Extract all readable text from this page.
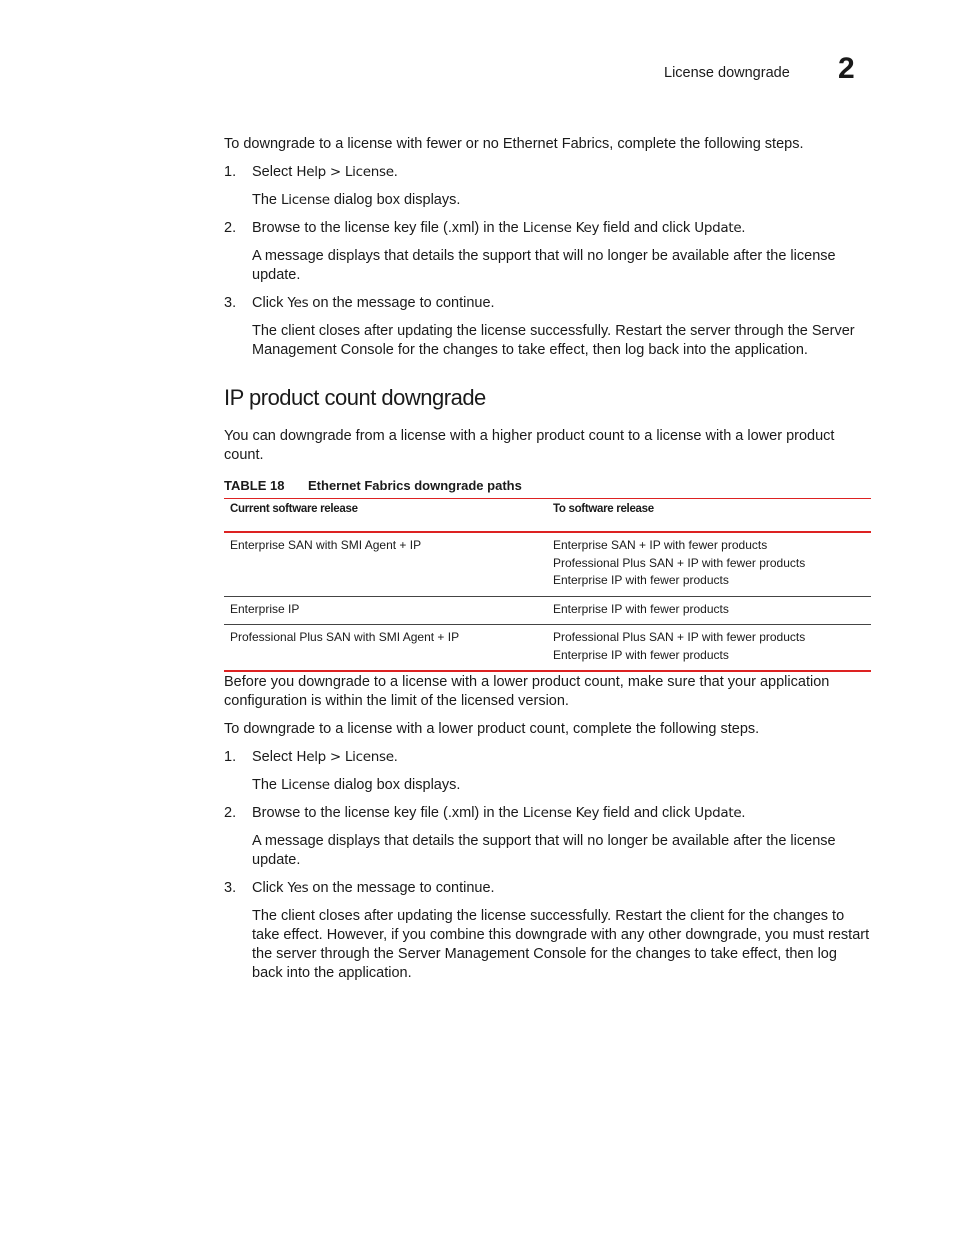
License downgrade 2
To downgrade to a license with fewer or no Ethernet Fabrics, complete the following steps.
1. Select Help > License.
The License dialog box displays.
2. Browse to the license key file (.xml) in the License Key field and click Update.
A message displays that details the support that will no longer be available after the license update.
3. Click Yes on the message to continue.
The client closes after updating the license successfully. Restart the server through the Server Management Console for the changes to take effect, then log back into the application.
IP product count downgrade
You can downgrade from a license with a higher product count to a license with a lower product count.
TABLE 18 Ethernet Fabrics downgrade paths
Current software release	To software release
Enterprise SAN with SMI Agent + IP	Enterprise SAN + IP with fewer products
Professional Plus SAN + IP with fewer products
Enterprise IP with fewer products

Enterprise IP	Enterprise IP with fewer products

Professional Plus SAN with SMI Agent + IP	Professional Plus SAN + IP with fewer products
Enterprise IP with fewer products
Before you downgrade to a license with a lower product count, make sure that your application configuration is within the limit of the licensed version.
To downgrade to a license with a lower product count, complete the following steps.
1. Select Help > License.
The License dialog box displays.
2. Browse to the license key file (.xml) in the License Key field and click Update.
A message displays that details the support that will no longer be available after the license update.
3. Click Yes on the message to continue.
The client closes after updating the license successfully. Restart the client for the changes to take effect. However, if you combine this downgrade with any other downgrade, you must restart the server through the Server Management Console for the changes to take effect, then log back into the application.
